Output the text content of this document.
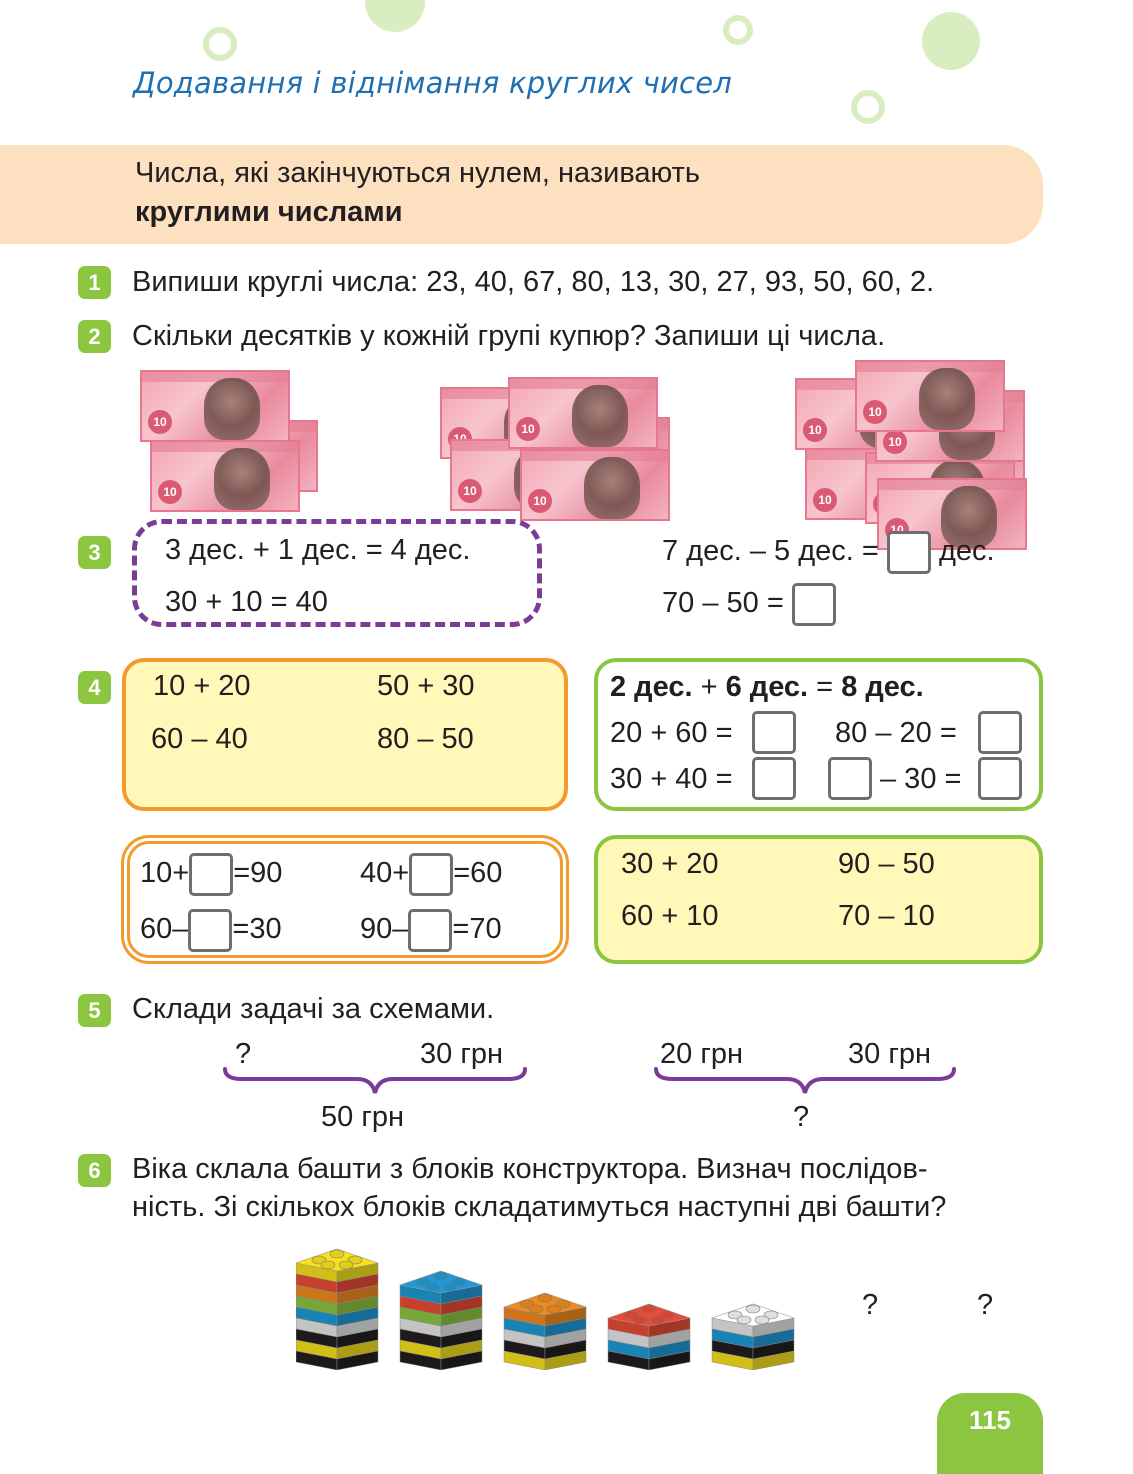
Додавання і віднімання круглих чисел
Числа, які закінчуються нулем, називають
круглими числами
1	Випиши круглі числа: 23, 40, 67, 80, 13, 30, 27, 93, 50, 60, 2.
2	Скільки десятків у кожній групі купюр? Запиши ці числа.
10
10
10
10
10	10
10
10
10
3	3 дес. + 1 дес. = 4 дес.
30 + 10 = 40
7 дес. – 5 дес. = дес.
70 – 50 =
4	10 + 20	50 + 30
60 – 40	80 – 50
2 дес. + 6 дес. = 8 дес.
20 + 60 =	80 – 20 =
30 + 40 =	– 30 =
10+ =90	40+ =60
60– =30	90– =70
30 + 20	90 – 50
60 + 10	70 – 10
5	Склади задачі за схемами.
?	30 грн
50 грн
20 грн	30 грн
?
6	Віка склала башти з блоків конструктора. Визнач послідов-
ність. Зі скількох блоків складатимуться наступні дві башти?
?	?
115
